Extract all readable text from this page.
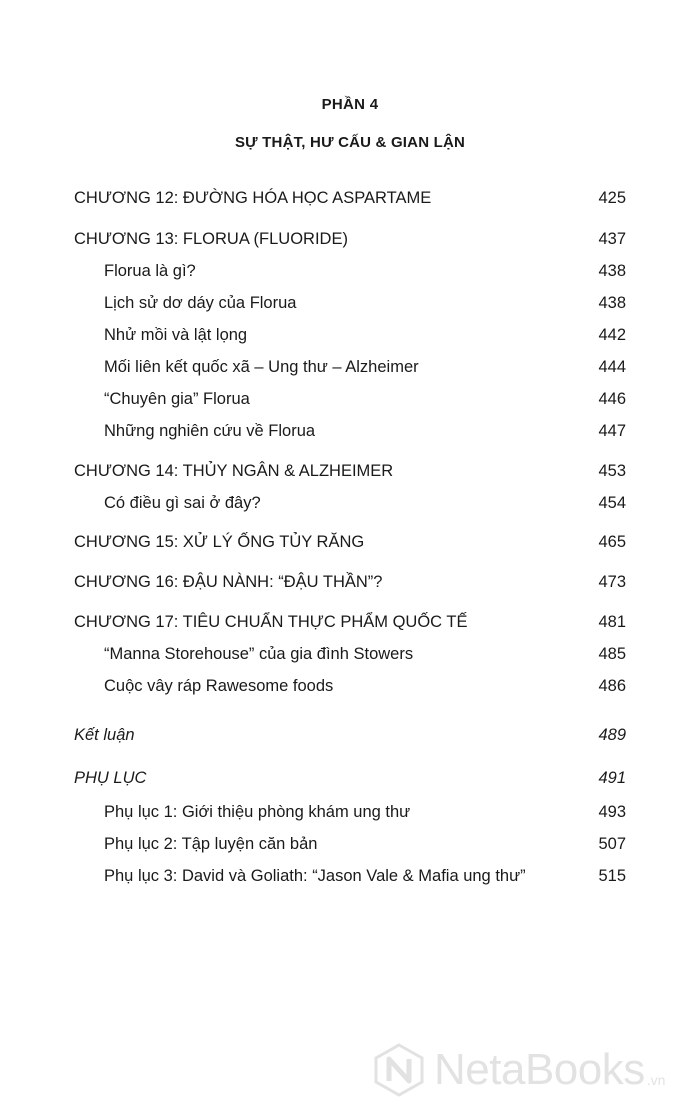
PHẦN 4
SỰ THẬT, HƯ CẤU & GIAN LẬN
CHƯƠNG 12: ĐƯỜNG HÓA HỌC ASPARTAME	425
CHƯƠNG 13: FLORUA (FLUORIDE)	437
Florua là gì?	438
Lịch sử dơ dáy của Florua	438
Nhử mồi và lật lọng	442
Mối liên kết quốc xã – Ung thư – Alzheimer	444
“Chuyên gia” Florua	446
Những nghiên cứu về Florua	447
CHƯƠNG 14: THỦY NGÂN & ALZHEIMER	453
Có điều gì sai ở đây?	454
CHƯƠNG 15: XỬ LÝ ỐNG TỦY RĂNG	465
CHƯƠNG 16: ĐẬU NÀNH: “ĐẬU THẦN”?	473
CHƯƠNG 17: TIÊU CHUẨN THỰC PHẨM QUỐC TẾ	481
“Manna Storehouse” của gia đình Stowers	485
Cuộc vây ráp Rawesome foods	486
Kết luận	489
PHỤ LỤC	491
Phụ lục 1: Giới thiệu phòng khám ung thư	493
Phụ lục 2: Tập luyện căn bản	507
Phụ lục 3: David và Goliath: “Jason Vale & Mafia ung thư”	515
NetaBooks .vn
